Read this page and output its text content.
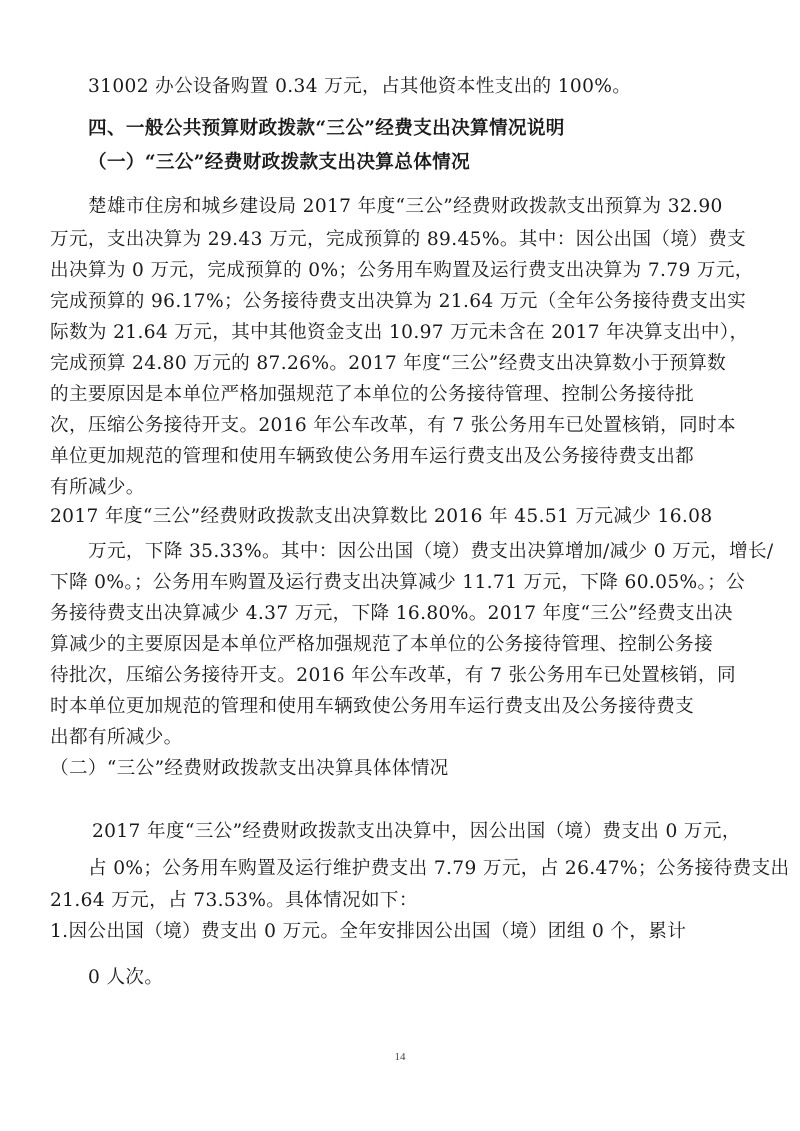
31002 办公设备购置 0.34 万元，占其他资本性支出的 100%。
四、一般公共预算财政拨款“三公”经费支出决算情况说明
（一）“三公”经费财政拨款支出决算总体情况
楚雄市住房和城乡建设局 2017 年度“三公”经费财政拨款支出预算为 32.90
万元，支出决算为 29.43 万元，完成预算的 89.45%。其中：因公出国（境）费支
出决算为 0 万元，完成预算的 0%；公务用车购置及运行费支出决算为 7.79 万元，
完成预算的 96.17%；公务接待费支出决算为 21.64 万元（全年公务接待费支出实
际数为 21.64 万元，其中其他资金支出 10.97 万元未含在 2017 年决算支出中），
完成预算 24.80 万元的 87.26%。2017 年度“三公”经费支出决算数小于预算数
的主要原因是本单位严格加强规范了本单位的公务接待管理、控制公务接待批
次，压缩公务接待开支。2016 年公车改革，有 7 张公务用车已处置核销，同时本
单位更加规范的管理和使用车辆致使公务用车运行费支出及公务接待费支出都
有所减少。
2017 年度“三公”经费财政拨款支出决算数比 2016 年 45.51 万元减少 16.08
万元，下降 35.33%。其中：因公出国（境）费支出决算增加/减少 0 万元，增长/
下降 0%。；公务用车购置及运行费支出决算减少 11.71 万元，下降 60.05%。；公
务接待费支出决算减少 4.37 万元，下降 16.80%。2017 年度“三公”经费支出决
算减少的主要原因是本单位严格加强规范了本单位的公务接待管理、控制公务接
待批次，压缩公务接待开支。2016 年公车改革，有 7 张公务用车已处置核销，同
时本单位更加规范的管理和使用车辆致使公务用车运行费支出及公务接待费支
出都有所减少。
（二）“三公”经费财政拨款支出决算具体体情况
2017 年度“三公”经费财政拨款支出决算中，因公出国（境）费支出 0 万元，
占 0%；公务用车购置及运行维护费支出 7.79 万元，占 26.47%；公务接待费支出
21.64 万元，占 73.53%。具体情况如下：
1.因公出国（境）费支出 0 万元。全年安排因公出国（境）团组 0 个，累计
0 人次。
14
